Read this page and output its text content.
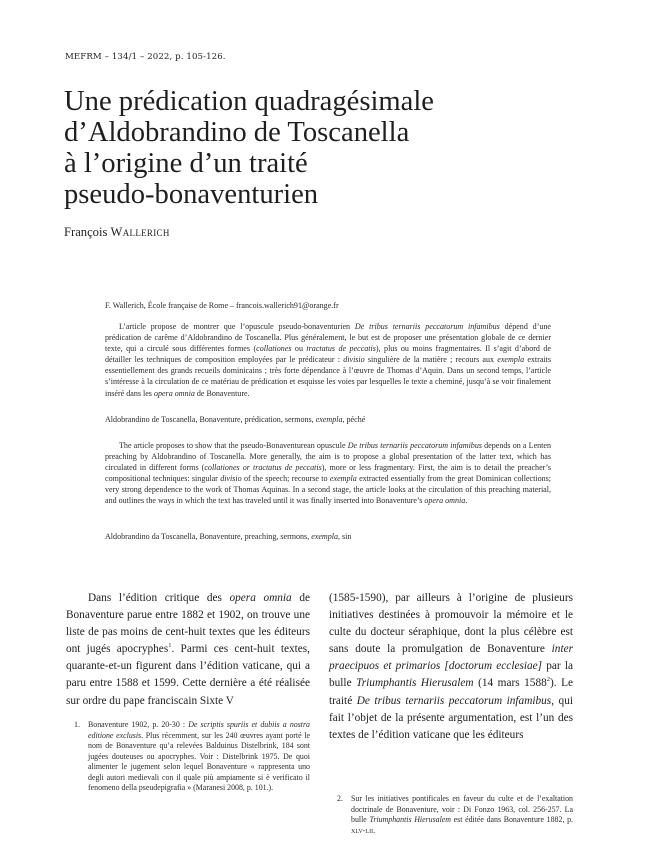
MEFRM – 134/1 – 2022, p. 105-126.
Une prédication quadragésimale
d’Aldobrandino de Toscanella
à l’origine d’un traité
pseudo-bonaventurien
François Wallerich

F. Wallerich, École française de Rome – francois.wallerich91@orange.fr

L’article propose de montrer que l’opuscule pseudo-bonaventurien De tribus ternariis peccatorum infamibus dépend d’une prédication de carême d’Aldobrandino de Toscanella. Plus généralement, le but est de proposer une présentation globale de ce dernier texte, qui a circulé sous différentes formes (collationes ou tractatus de peccatis), plus ou moins fragmentaires. Il s’agit d’abord de détailler les techniques de composition employées par le prédicateur : divisio singulière de la matière ; recours aux exempla extraits essentiellement des grands recueils dominicains ; très forte dépendance à l’œuvre de Thomas d’Aquin. Dans un second temps, l’article s’intéresse à la circulation de ce matériau de prédication et esquisse les voies par lesquelles le texte a cheminé, jusqu’à se voir finalement inséré dans les opera omnia de Bonaventure.

Aldobrandino de Toscanella, Bonaventure, prédication, sermons, exempla, péché

The article proposes to show that the pseudo-Bonaventurean opuscule De tribus ternariis peccatorum infamibus depends on a Lenten preaching by Aldobrandino of Toscanella. More generally, the aim is to propose a global presentation of the latter text, which has circulated in different forms (collationes or tractatus de peccatis), more or less fragmentary. First, the aim is to detail the preacher’s compositional techniques: singular divisio of the speech; recourse to exempla extracted essentially from the great Dominican collections; very strong dependence to the work of Thomas Aquinas. In a second stage, the article looks at the circulation of this preaching material, and outlines the ways in which the text has traveled until it was finally inserted into Bonaventure’s opera omnia.

Aldobrandino da Toscanella, Bonaventure, preaching, sermons, exempla, sin

Dans l’édition critique des opera omnia de Bonaventure parue entre 1882 et 1902, on trouve une liste de pas moins de cent-huit textes que les éditeurs ont jugés apocryphes$^1$. Parmi ces cent-huit textes, quarante-et-un figurent dans l’édition vaticane, qui a paru entre 1588 et 1599. Cette dernière a été réalisée sur ordre du pape franciscain Sixte V

(1585-1590), par ailleurs à l’origine de plusieurs initiatives destinées à promouvoir la mémoire et le culte du docteur séraphique, dont la plus célèbre est sans doute la promulgation de Bonaventure inter praecipuos et primarios [doctorum ecclesiae] par la bulle Triumphantis Hierusalem (14 mars 1588$^2$). Le traité De tribus ternariis peccatorum infamibus, qui fait l’objet de la présente argumentation, est l’un des textes de l’édition vaticane que les éditeurs

1. Bonaventure 1902, p. 20-30 : De scriptis spuriis et dubiis a nostra editione exclusis. Plus récemment, sur les 240 œuvres ayant porté le nom de Bonaventure qu’a relevées Balduinus Distelbrink, 184 sont jugées douteuses ou apocryphes. Voir : Distelbrink 1975. De quoi alimenter le jugement selon lequel Bonaventure « rappresenta uno degli autori medievali con il quale più ampiamente si è verificato il fenomeno della pseudepigrafia » (Maranesi 2008, p. 101.).
2. Sur les initiatives pontificales en faveur du culte et de l’exaltation doctrinale de Bonaventure, voir : Di Fonzo 1963, col. 256-257. La bulle Triumphantis Hierusalem est éditée dans Bonaventure 1882, p. xlv-lii.
